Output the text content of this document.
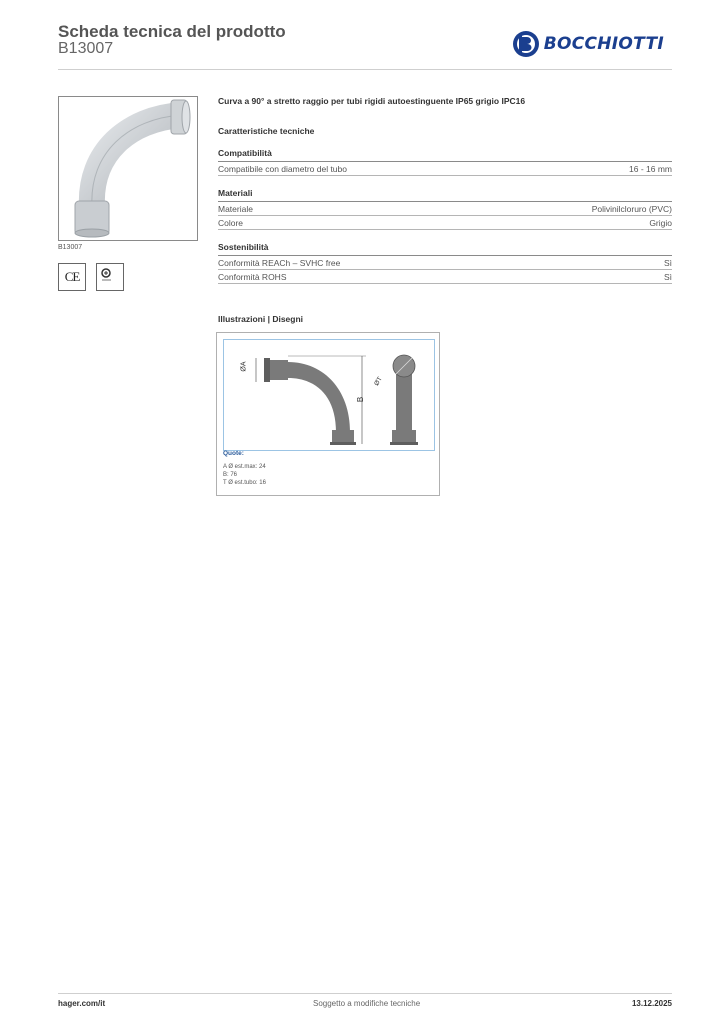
Scheda tecnica del prodotto
B13007	BOCCHIOTTI
B13007
CE
Curva a 90° a stretto raggio per tubi rigidi autoestinguente IP65 grigio IPC16
Caratteristiche tecniche
Compatibilità
Compatibile con diametro del tubo	16 - 16 mm
Materiali
Materiale	Polivinilcloruro (PVC)
Colore	Grigio
Sostenibilità
Conformità REACh – SVHC free	Sì
Conformità ROHS	Sì
Illustrazioni | Disegni
ØA
B
ØT
Quote:
A Ø est.max: 24
B: 76
T Ø est.tubo: 16
hager.com/it	Soggetto a modifiche tecniche	13.12.2025
